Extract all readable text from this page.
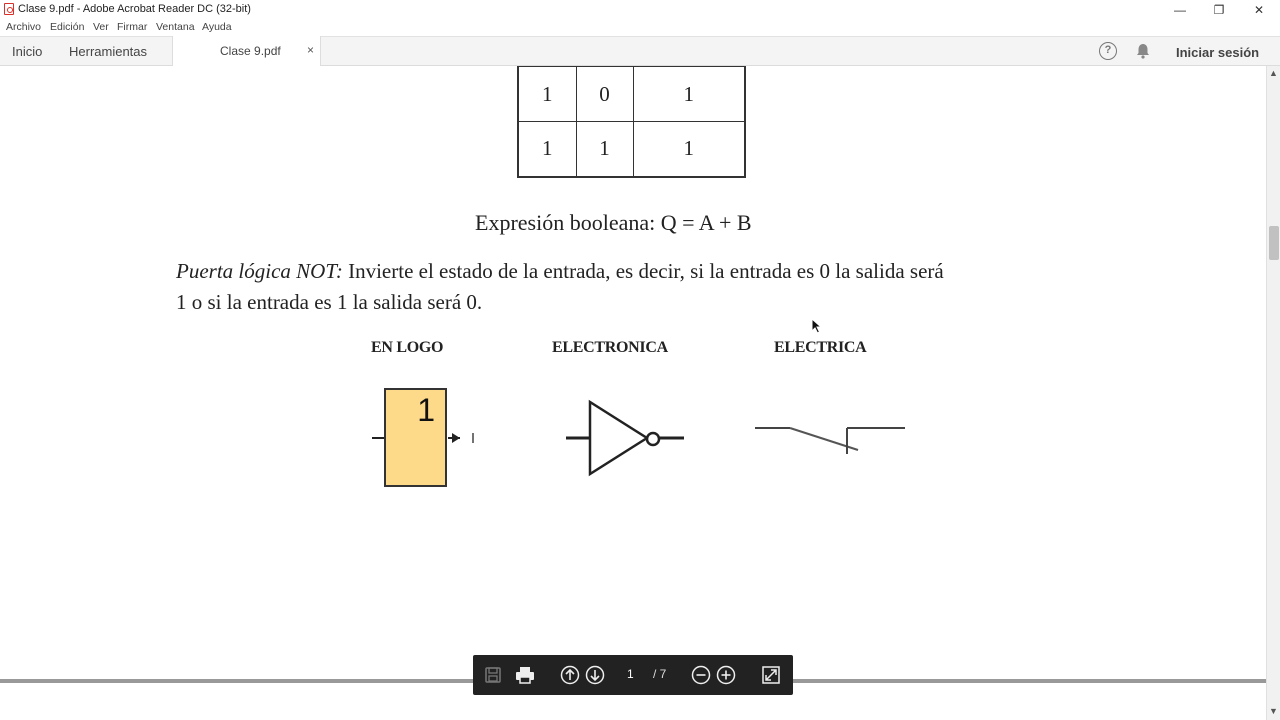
Clase 9.pdf - Adobe Acrobat Reader DC (32-bit)	—	❐	✕
Archivo Edición Ver Firmar Ventana Ayuda
Inicio Herramientas	Clase 9.pdf ×	?	Iniciar sesión
1	0	1
1	1	1
Expresión booleana: Q = A + B
Puerta lógica NOT: Invierte el estado de la entrada, es decir, si la entrada es 0 la salida será
1 o si la entrada es 1 la salida será 0.
EN LOGO	ELECTRONICA	ELECTRICA
1
1 / 7
▲
▼
